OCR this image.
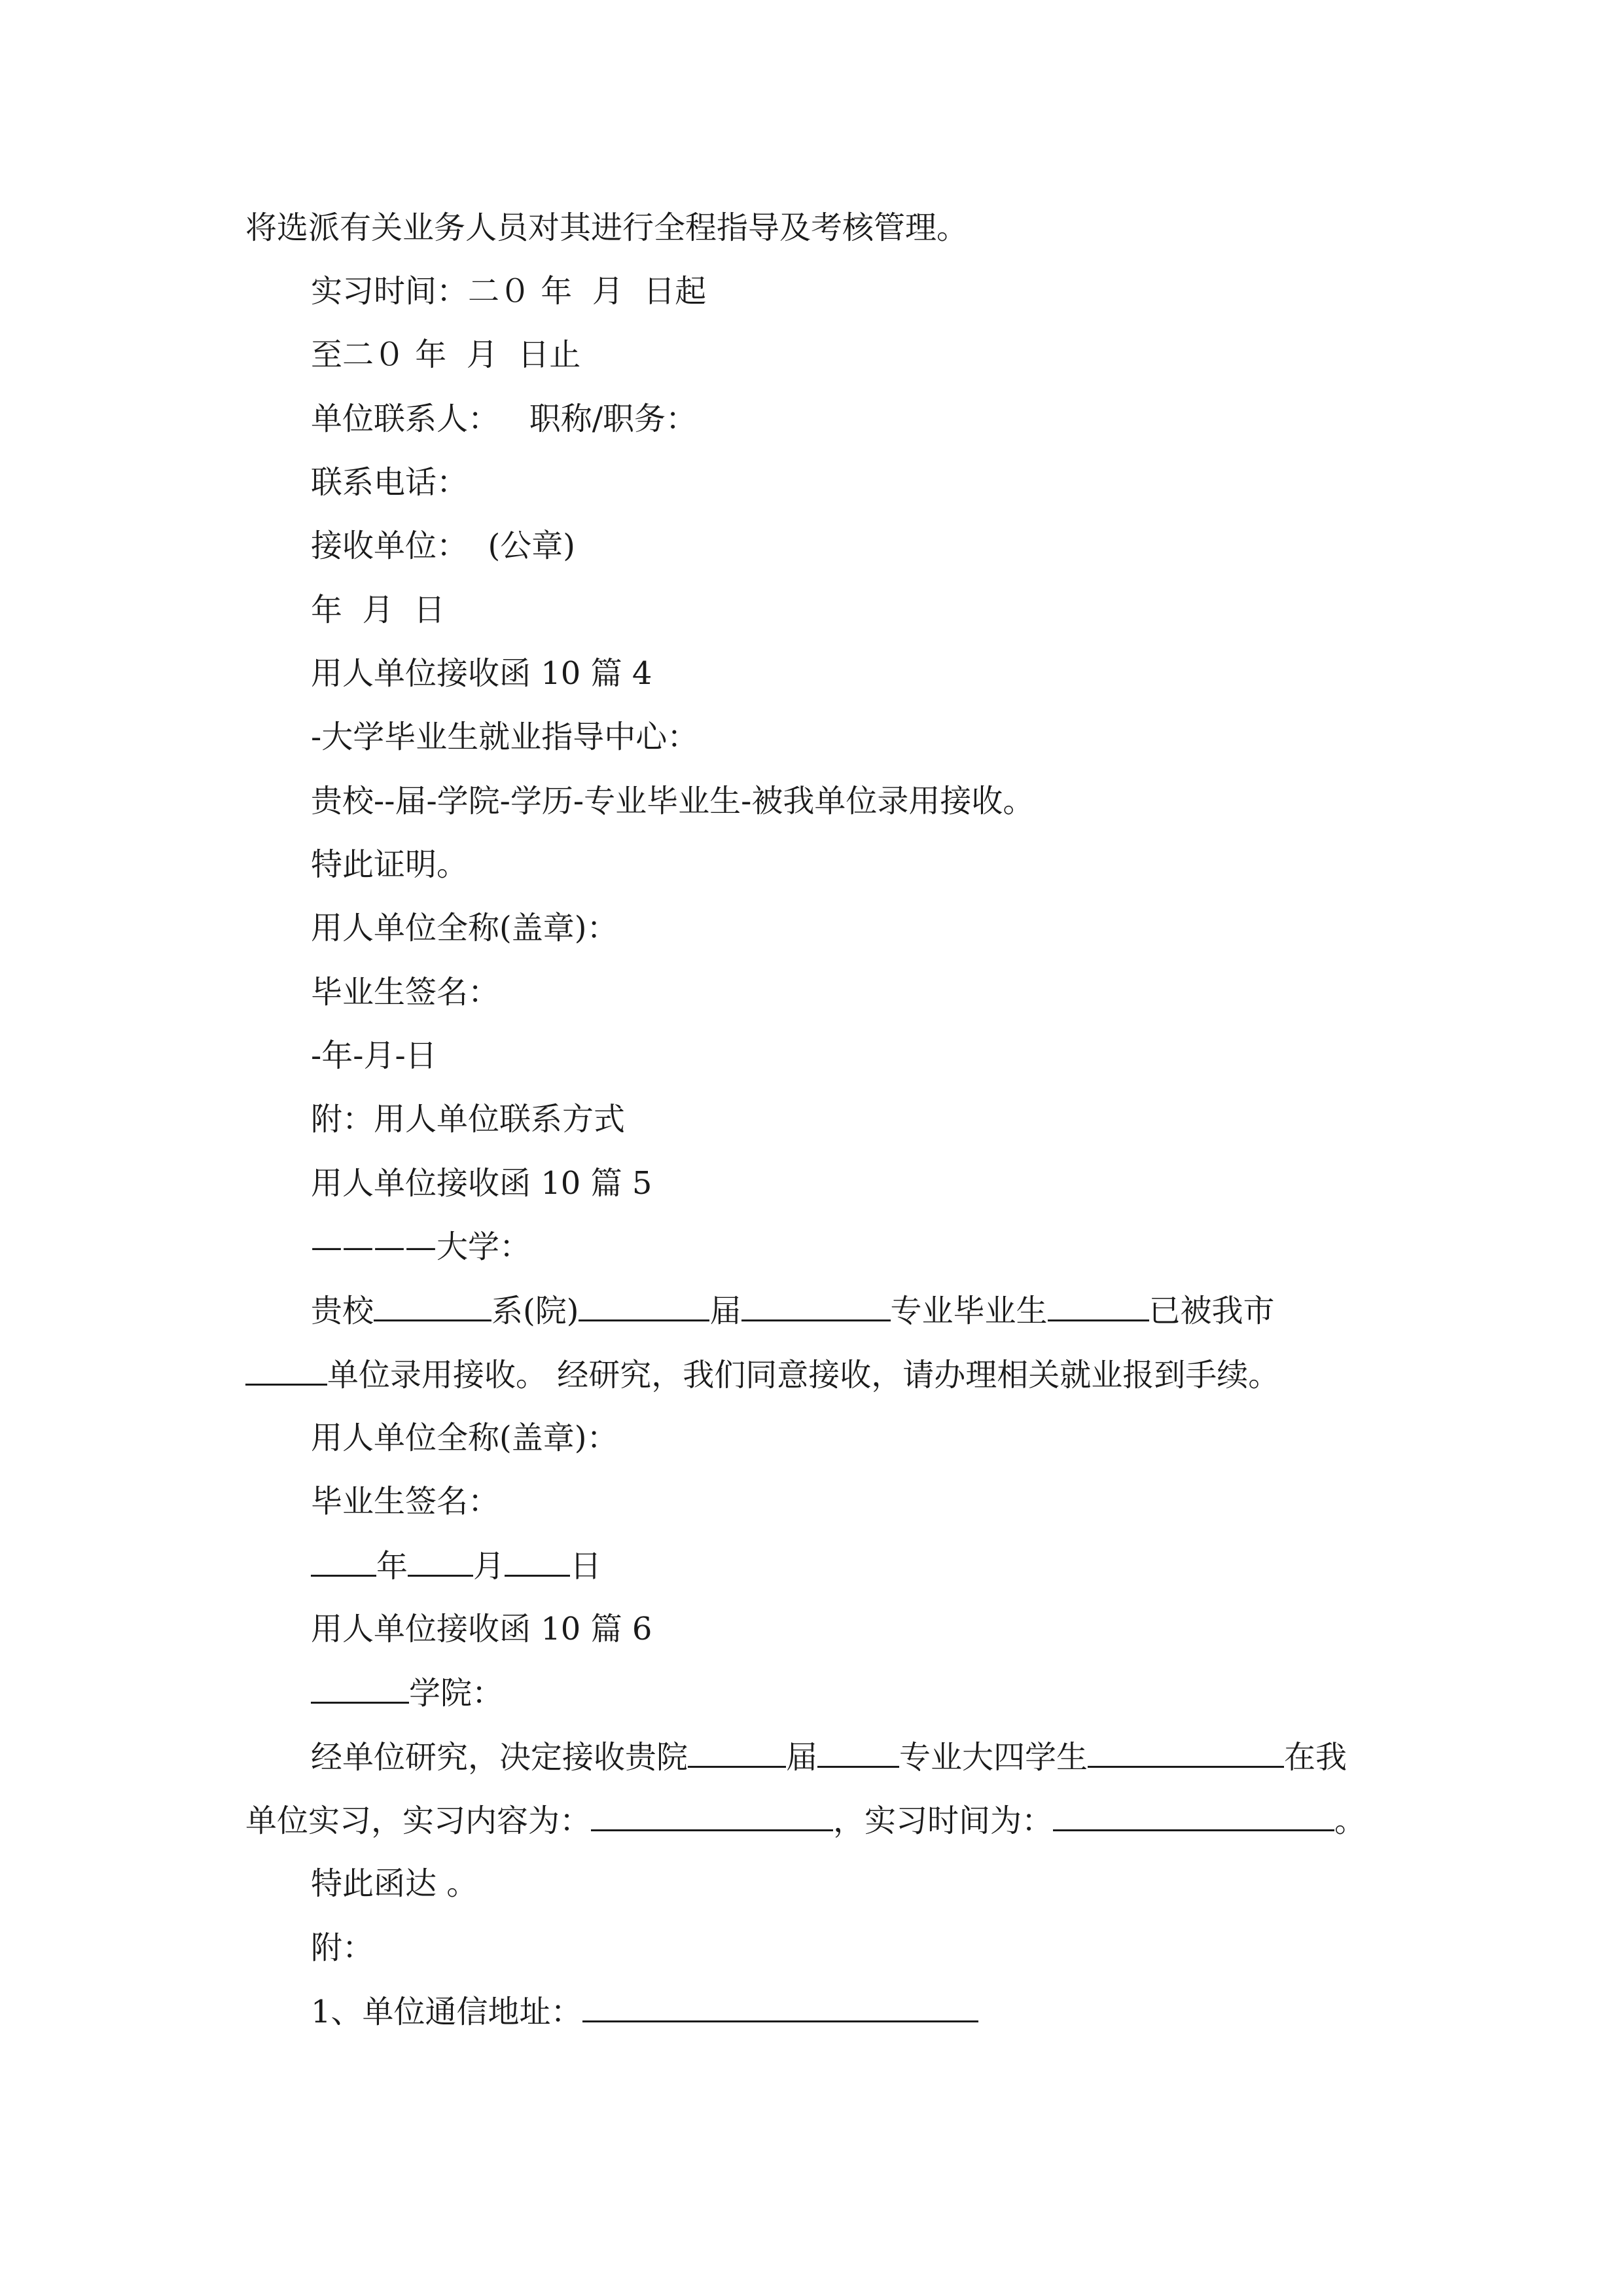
将选派有关业务人员对其进行全程指导及考核管理。
实习时间：二０ 年  月  日起
至二０ 年  月  日止
单位联系人：   职称/职务：
联系电话：
接收单位：  (公章)
年  月  日
用人单位接收函 10 篇 4
-大学毕业生就业指导中心：
贵校--届-学院-学历-专业毕业生-被我单位录用接收。
特此证明。
用人单位全称(盖章)：
毕业生签名：
-年-月-日
附：用人单位联系方式
用人单位接收函 10 篇 5
————大学：
贵校	系(院)	届	专业毕业生	已被我市
单位录用接收。 经研究，我们同意接收，请办理相关就业报到手续。
用人单位全称(盖章)：
毕业生签名：
年 月 日
用人单位接收函 10 篇 6
学院：
经单位研究，决定接收贵院	届	专业大四学生	在我
单位实习，实习内容为：	，实习时间为：	。
特此函达 。
附：
1、单位通信地址：
